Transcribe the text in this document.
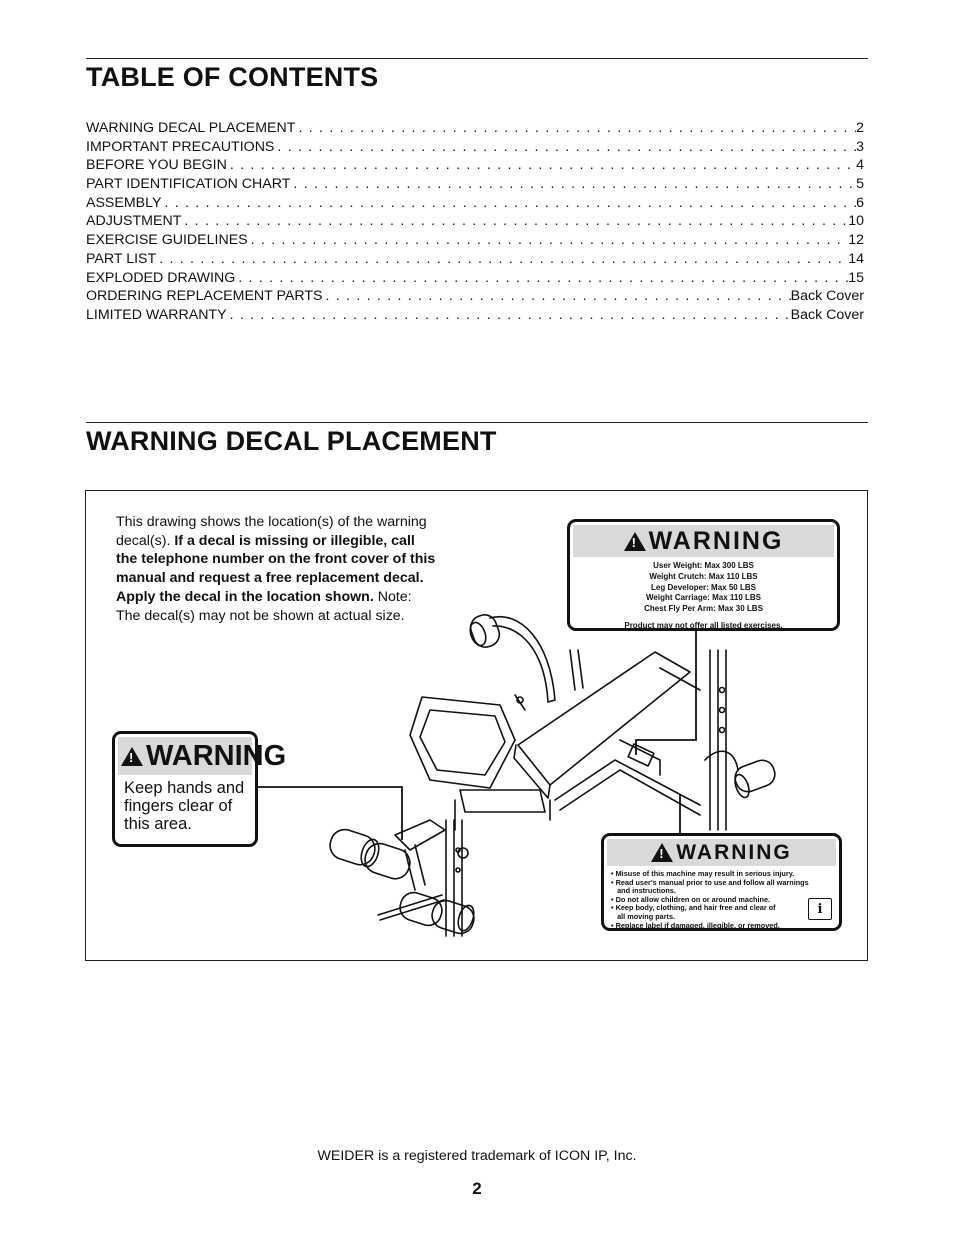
TABLE OF CONTENTS
WARNING DECAL PLACEMENT . . .	2
IMPORTANT PRECAUTIONS . . .	3
BEFORE YOU BEGIN . . .	4
PART IDENTIFICATION CHART . . .	5
ASSEMBLY . . .	6
ADJUSTMENT . . .	10
EXERCISE GUIDELINES . . .	12
PART LIST . . .	14
EXPLODED DRAWING . . .	15
ORDERING REPLACEMENT PARTS . . .	Back Cover
LIMITED WARRANTY . . .	Back Cover
WARNING DECAL PLACEMENT
This drawing shows the location(s) of the warning decal(s). If a decal is missing or illegible, call the telephone number on the front cover of this manual and request a free replacement decal. Apply the decal in the location shown. Note: The decal(s) may not be shown at actual size.
!
WARNING
User Weight: Max 300 LBS
Weight Crutch: Max 110 LBS
Leg Developer: Max 50 LBS
Weight Carriage: Max 110 LBS
Chest Fly Per Arm: Max 30 LBS
Product may not offer all listed exercises.
!
WARNING
Keep hands and
fingers clear of
this area.
!
WARNING
• Misuse of this machine may result in serious injury.
• Read user's manual prior to use and follow all warnings
and instructions.
• Do not allow children on or around machine.
• Keep body, clothing, and hair free and clear of
all moving parts.
• Replace label if damaged, illegible, or removed.
i
WEIDER is a registered trademark of ICON IP, Inc.
2
